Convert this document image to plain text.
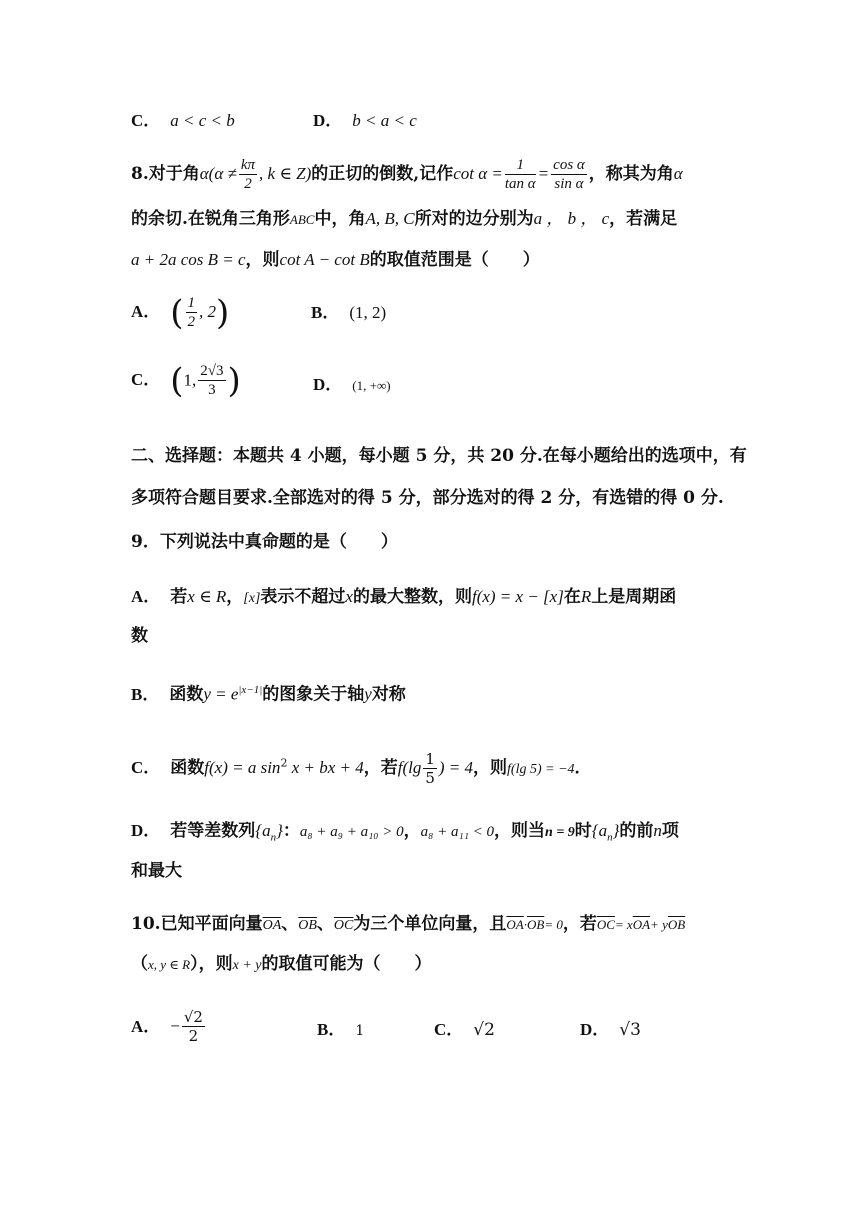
C． a < c < b	D． b < a < c
8.对于角$\alpha(\alpha \ne \frac{k\pi}{2}$ , k ∈ Z)的正切的倒数,记作$\cot \alpha = \frac{1}{\text{tan α}} = \frac{\text{cos α}}{\text{sin α}}$ ，称其为角α
的余切.在锐角三角形ABC中，角A, B, C所对的边分别为a ， b ， c，若满足
a + 2a cos B = c，则cot A − cot B的取值范围是（　　）
A． ( $\frac{1}{2}$ , 2)	B． (1, 2)
C． (1, $\frac{2√3}{3}$ )	D． (1, +∞)
二、选择题：本题共 4 小题，每小题 5 分，共 20 分.在每小题给出的选项中，有
多项符合题目要求.全部选对的得 5 分，部分选对的得 2 分，有选错的得 0 分.
9．下列说法中真命题的是（　　）
A． 若x ∈ R，[x]表示不超过x的最大整数，则f(x) = x − [x]在R上是周期函
数
B． 函数$y = e^{|x-1|}$的图象关于轴y对称
C． 函数f(x) = a $\sin^2 x$ + bx + 4，若$f(\lg \frac{1}{5}$ ) = 4，则f(lg 5) = −4．
D． 若等差数列$\{a_n\}$：a₈ + a₉ + a₁₀ > 0，a₈ + a₁₁ < 0，则当n = 9时$\{a_n\}$的前n项
和最大
10.已知平面向量$\overline{OA}$、$\overline{OB}$、$\overline{OC}$为三个单位向量，且$\overline{OA}\cdot\overline{OB}= 0$，若$\overline{OC}= x\overline{OA}+ y\overline{OB}$
（x, y ∈ R），则x + y的取值可能为（　　）
A． − $\frac{√2}{2}$	B． 1	C． √2	D． √3
